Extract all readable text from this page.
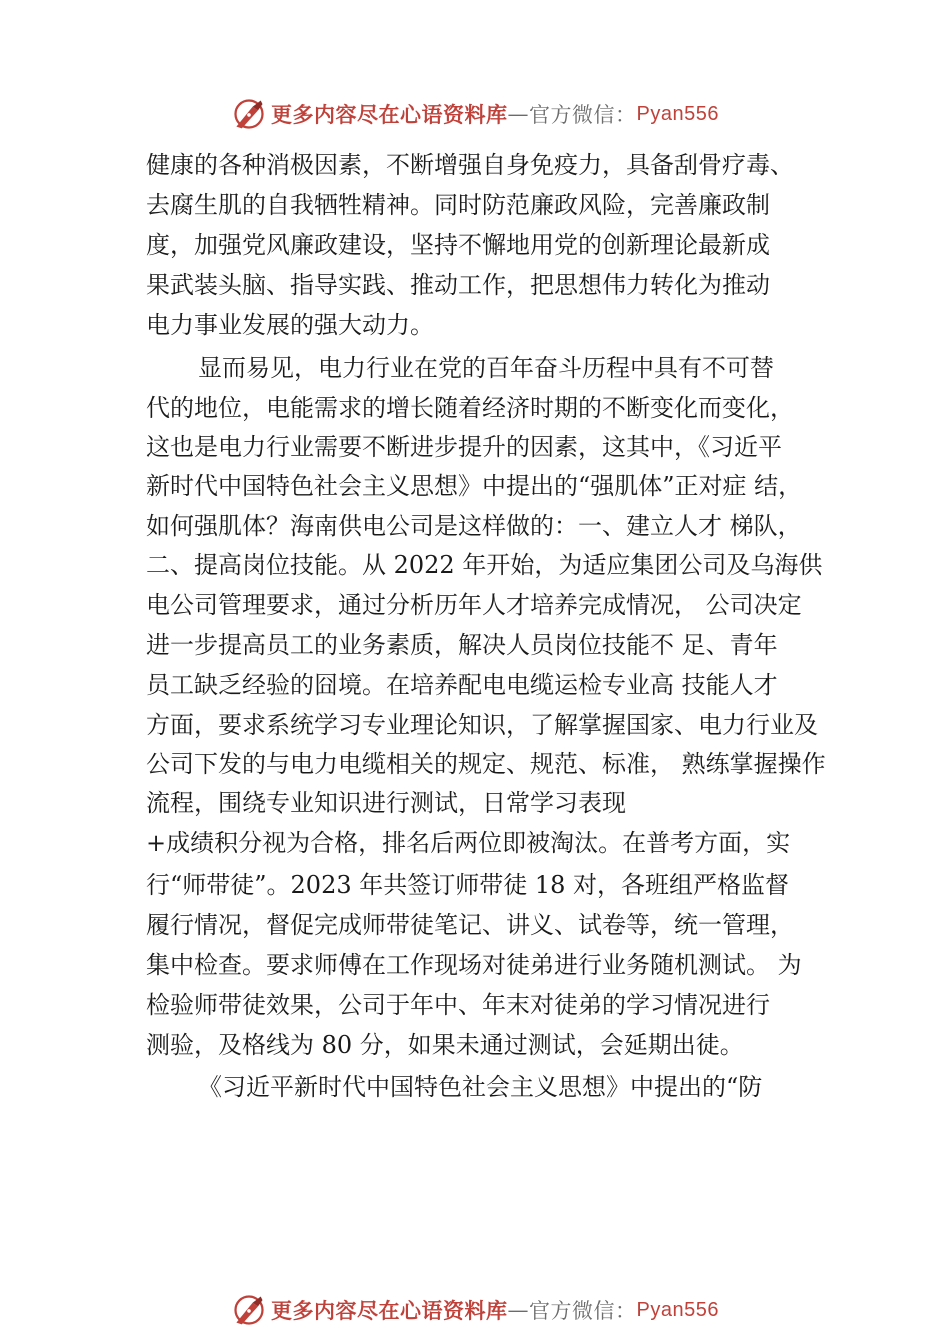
更多内容尽在心语资料库 — 官方微信： Pyan556
健康的各种消极因素，不断增强自身免疫力，具备刮骨疗毒、
去腐生肌的自我牺牲精神。同时防范廉政风险，完善廉政制
度，加强党风廉政建设，坚持不懈地用党的创新理论最新成
果武装头脑、指导实践、推动工作，把思想伟力转化为推动
电力事业发展的强大动力。
显而易见，电力行业在党的百年奋斗历程中具有不可替
代的地位，电能需求的增长随着经济时期的不断变化而变化，
这也是电力行业需要不断进步提升的因素，这其中，《习近平
新时代中国特色社会主义思想》中提出的“强肌体”正对症 结，
如何强肌体？海南供电公司是这样做的：一、建立人才 梯队，
二、提高岗位技能。从 2022 年开始，为适应集团公司及乌海供
电公司管理要求，通过分析历年人才培养完成情况， 公司决定
进一步提高员工的业务素质，解决人员岗位技能不 足、青年
员工缺乏经验的囧境。在培养配电电缆运检专业高 技能人才
方面，要求系统学习专业理论知识，了解掌握国家、电力行业及
公司下发的与电力电缆相关的规定、规范、标准， 熟练掌握操作
流程，围绕专业知识进行测试，日常学习表现
+成绩积分视为合格，排名后两位即被淘汰。在普考方面，实
行“师带徒”。2023 年共签订师带徒 18 对，各班组严格监督
履行情况，督促完成师带徒笔记、讲义、试卷等，统一管理，
集中检查。要求师傅在工作现场对徒弟进行业务随机测试。 为
检验师带徒效果，公司于年中、年末对徒弟的学习情况进行
测验，及格线为 80 分，如果未通过测试，会延期出徒。
《习近平新时代中国特色社会主义思想》中提出的“防
更多内容尽在心语资料库 — 官方微信： Pyan556
